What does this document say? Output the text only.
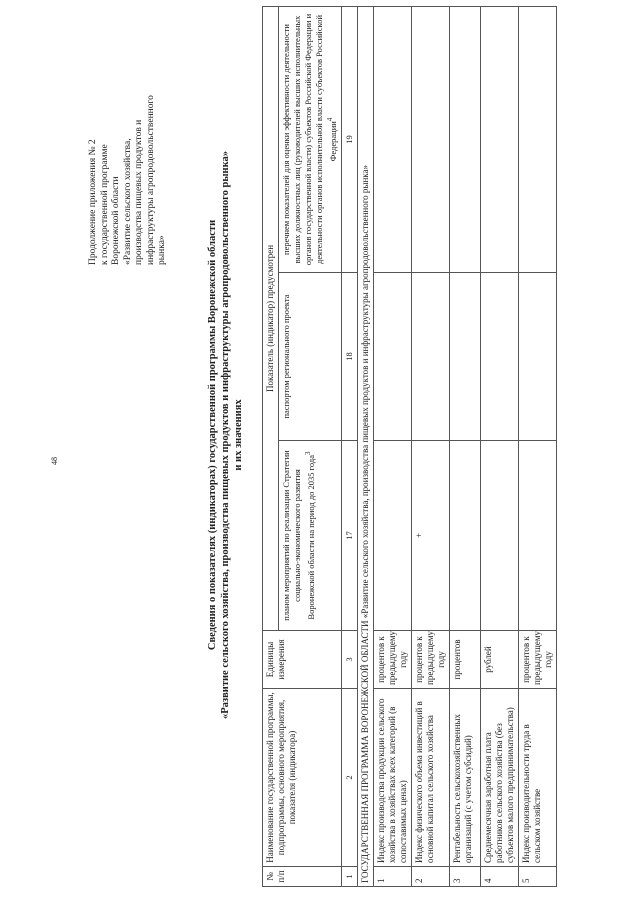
48
Продолжение приложения № 2
к государственной программе
Воронежской области
«Развитие сельского хозяйства,
производства пищевых продуктов и
инфраструктуры агропродовольственного
рынка»	Сведения о показателях (индикаторах) государственной программы Воронежской области «Развитие сельского хозяйства, производства пищевых продуктов и инфраструктуры агропродовольственного рынка» и их значениях
№ п/п	Наименование государственной программы, подпрограммы, основного мероприятия, показателя (индикатора)	Единицы измерения	Показатель (индикатор) предусмотрен		
			планом мероприятий по реализации Стратегии социально-экономического развития Воронежской области на период до 2035 года$^3$	паспортом регионального проекта	перечнем показателей для оценки эффективности деятельности высших должностных лиц (руководителей высших исполнительных органов государственной власти) субъектов Российской Федерации и деятельности органов исполнительной власти субъектов Российской Федерации$^4$
1	2	3	17	18	19
ГОСУДАРСТВЕННАЯ ПРОГРАММА ВОРОНЕЖСКОЙ ОБЛАСТИ «Развитие сельского хозяйства, производства пищевых продуктов и инфраструктуры агропродовольственного рынка»					
1	Индекс производства продукции сельского хозяйства в хозяйствах всех категорий (в сопоставимых ценах)	процентов к предыдущему году			
2	Индекс физического объема инвестиций в основной капитал сельского хозяйства	процентов к предыдущему году	+		
3	Рентабельность сельскохозяйственных организаций (с учетом субсидий)	процентов			
4	Среднемесячная заработная плата работников сельского хозяйства (без субъектов малого предпринимательства)	рублей			
5	Индекс производительности труда в сельском хозяйстве	процентов к предыдущему году			
